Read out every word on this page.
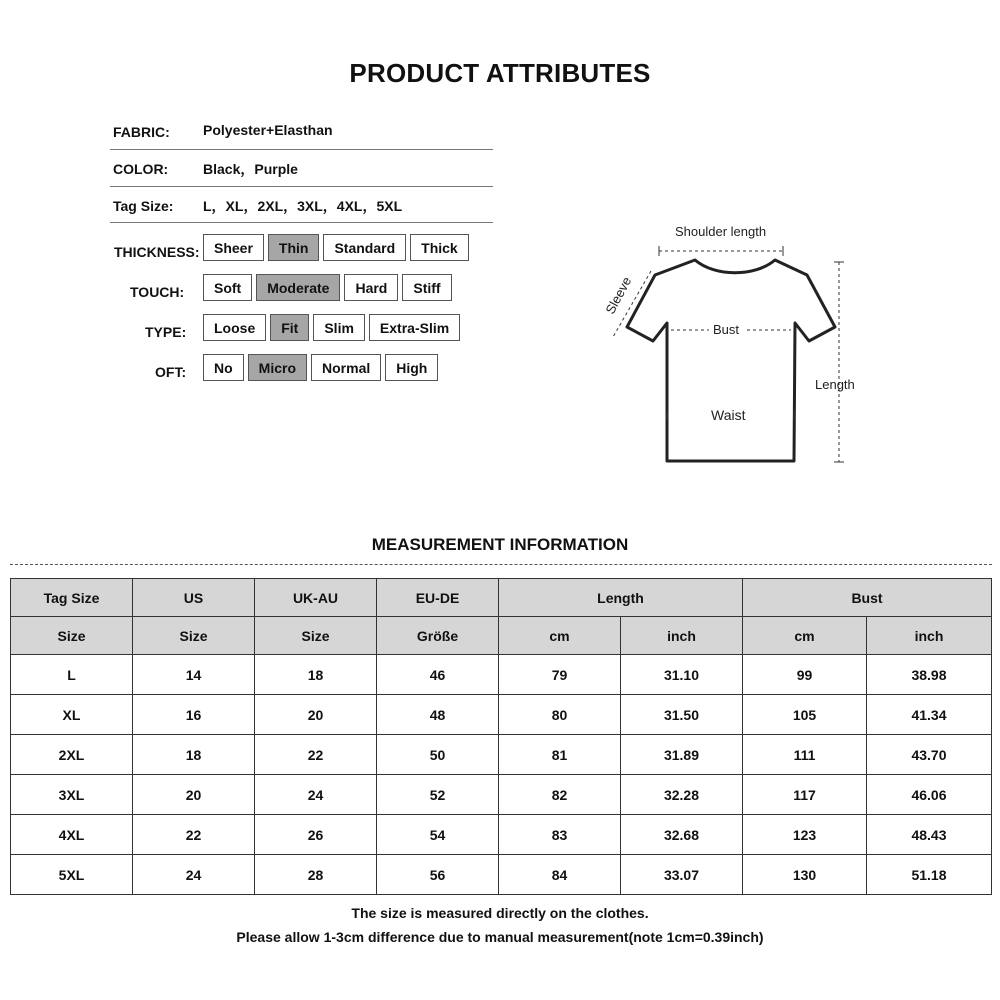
PRODUCT ATTRIBUTES
FABRIC: Polyester+Elasthan
COLOR: Black，Purple
Tag Size: L，XL，2XL，3XL，4XL，5XL
THICKNESS:	Sheer	Thin	Standard	Thick
TOUCH:	Soft	Moderate	Hard	Stiff
TYPE:	Loose	Fit	Slim	Extra-Slim
OFT:	No	Micro	Normal	High
Shoulder length
Sleeve
Bust
Waist
Length
MEASUREMENT INFORMATION
Tag Size	US	UK-AU	EU-DE	Length		Bust	
Size	Size	Size	Größe	cm	inch	cm	inch
L	14	18	46	79	31.10	99	38.98
XL	16	20	48	80	31.50	105	41.34
2XL	18	22	50	81	31.89	111	43.70
3XL	20	24	52	82	32.28	117	46.06
4XL	22	26	54	83	32.68	123	48.43
5XL	24	28	56	84	33.07	130	51.18
The size is measured directly on the clothes.
Please allow 1-3cm difference due to manual measurement(note 1cm=0.39inch)
